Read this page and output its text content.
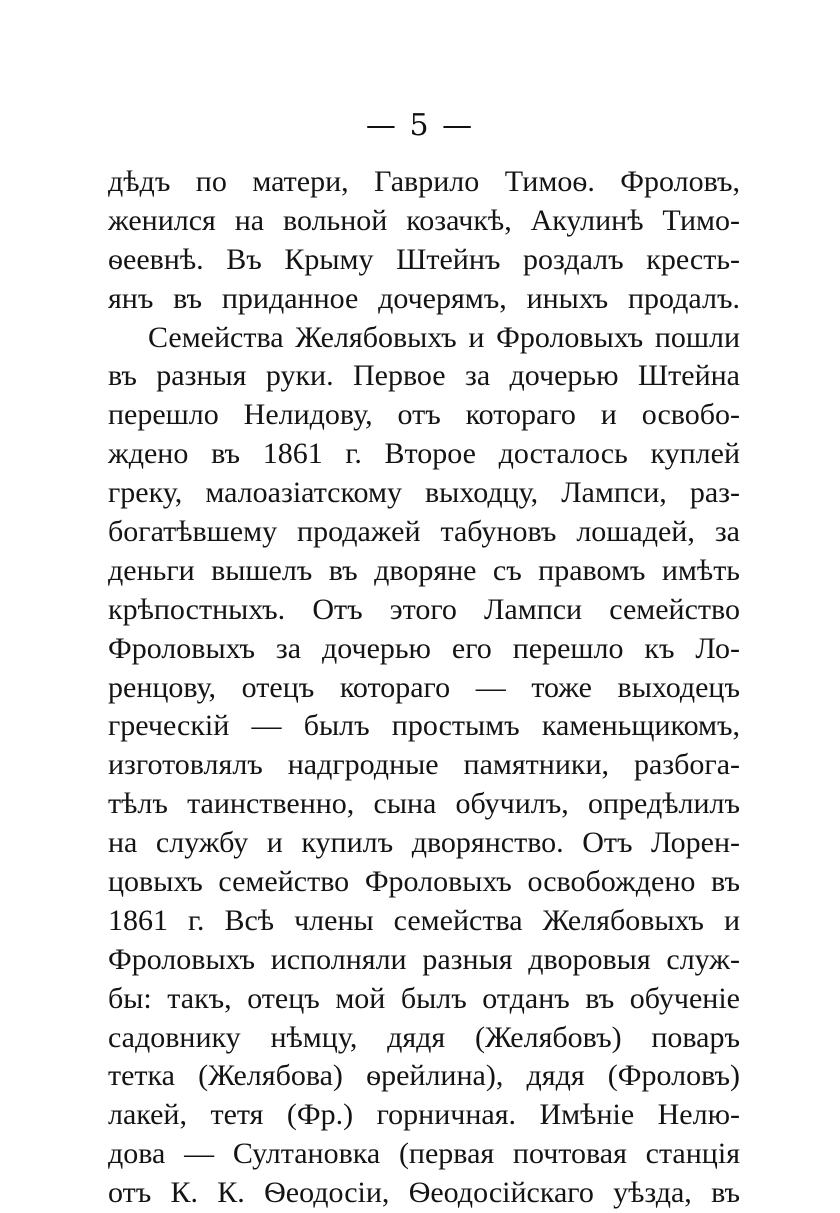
— 5 —
дѣдъ по матери, Гаврило Тимоѳ. Фроловъ,
женился на вольной козачкѣ, Акулинѣ Тимо-
ѳеевнѣ. Въ Крыму Штейнъ роздалъ кресть-
янъ въ приданное дочерямъ, иныхъ продалъ.
Семейства Желябовыхъ и Фроловыхъ пошли
въ разныя руки. Первое за дочерью Штейна
перешло Нелидову, отъ котораго и освобо-
ждено въ 1861 г. Второе досталось куплей
греку, малоазіатскому выходцу, Лампси, раз-
богатѣвшему продажей табуновъ лошадей, за
деньги вышелъ въ дворяне съ правомъ имѣть
крѣпостныхъ. Отъ этого Лампси семейство
Фроловыхъ за дочерью его перешло къ Ло-
ренцову, отецъ котораго — тоже выходецъ
греческій — былъ простымъ каменьщикомъ,
изготовлялъ надгродные памятники, разбога-
тѣлъ таинственно, сына обучилъ, опредѣлилъ
на службу и купилъ дворянство. Отъ Лорен-
цовыхъ семейство Фроловыхъ освобождено въ
1861 г. Всѣ члены семейства Желябовыхъ и
Фроловыхъ исполняли разныя дворовыя служ-
бы: такъ, отецъ мой былъ отданъ въ обученіе
садовнику нѣмцу, дядя (Желябовъ) поваръ
тетка (Желябова) ѳрейлина), дядя (Фроловъ)
лакей, тетя (Фр.) горничная. Имѣніе Нелю-
дова — Султановка (первая почтовая станція
отъ К. К. Ѳеодосіи, Ѳеодосійскаго уѣзда, въ
